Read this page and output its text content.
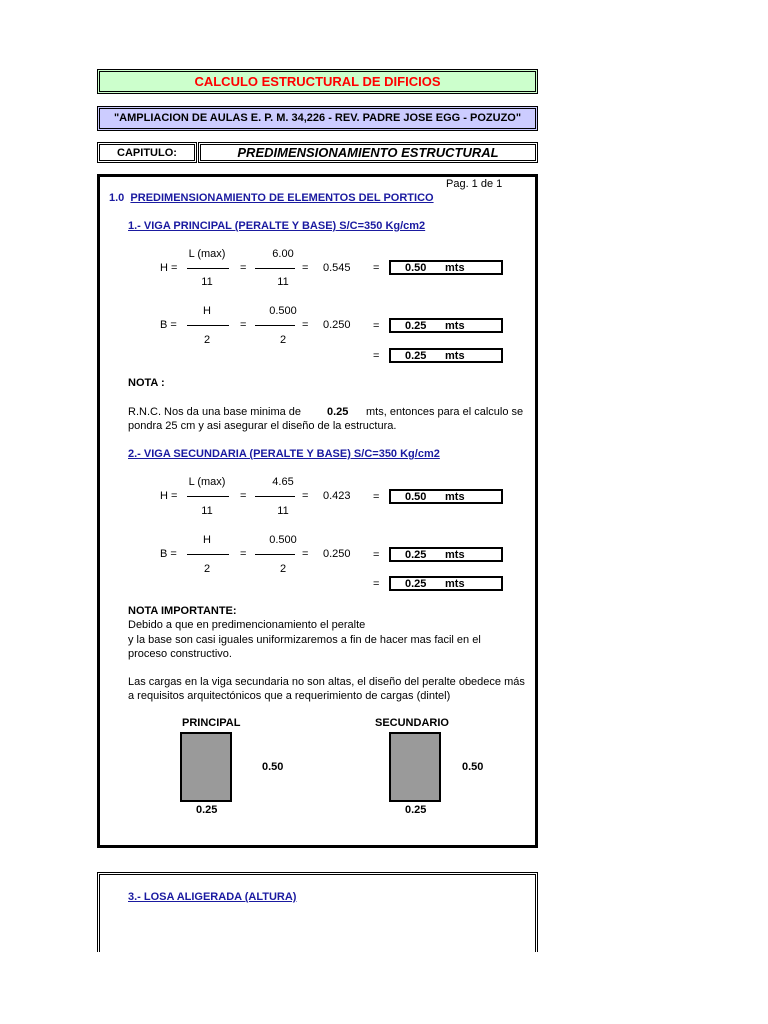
CALCULO ESTRUCTURAL DE DIFICIOS
"AMPLIACION DE AULAS E. P. M. 34,226 - REV. PADRE JOSE EGG - POZUZO"
CAPITULO:	PREDIMENSIONAMIENTO ESTRUCTURAL
Pag. 1 de 1
1.0 PREDIMENSIONAMIENTO DE ELEMENTOS DEL PORTICO
1.- VIGA PRINCIPAL (PERALTE Y BASE) S/C=350 Kg/cm2
H =
L (max)
11
=
6.00
11
= 0.545 = 0.50 mts
B =
H
2
=
0.500
2
= 0.250 = 0.25 mts
= 0.25 mts
NOTA :
R.N.C. Nos da una base minima de 0.25 mts, entonces para el calculo se
pondra 25 cm y asi asegurar el diseño de la estructura.
2.- VIGA SECUNDARIA (PERALTE Y BASE) S/C=350 Kg/cm2
H =
L (max)
11
=
4.65
11
= 0.423 = 0.50 mts
B =
H
2
=
0.500
2
= 0.250 = 0.25 mts
= 0.25 mts
NOTA IMPORTANTE:
Debido a que en predimencionamiento el peralte
y la base son casi iguales uniformizaremos a fin de hacer mas facil en el
proceso constructivo.
Las cargas en la viga secundaria no son altas, el diseño del peralte obedece más
a requisitos arquitectónicos que a requerimiento de cargas (dintel)
PRINCIPAL
0.50
0.25
SECUNDARIO
0.50
0.25
3.- LOSA ALIGERADA (ALTURA)
